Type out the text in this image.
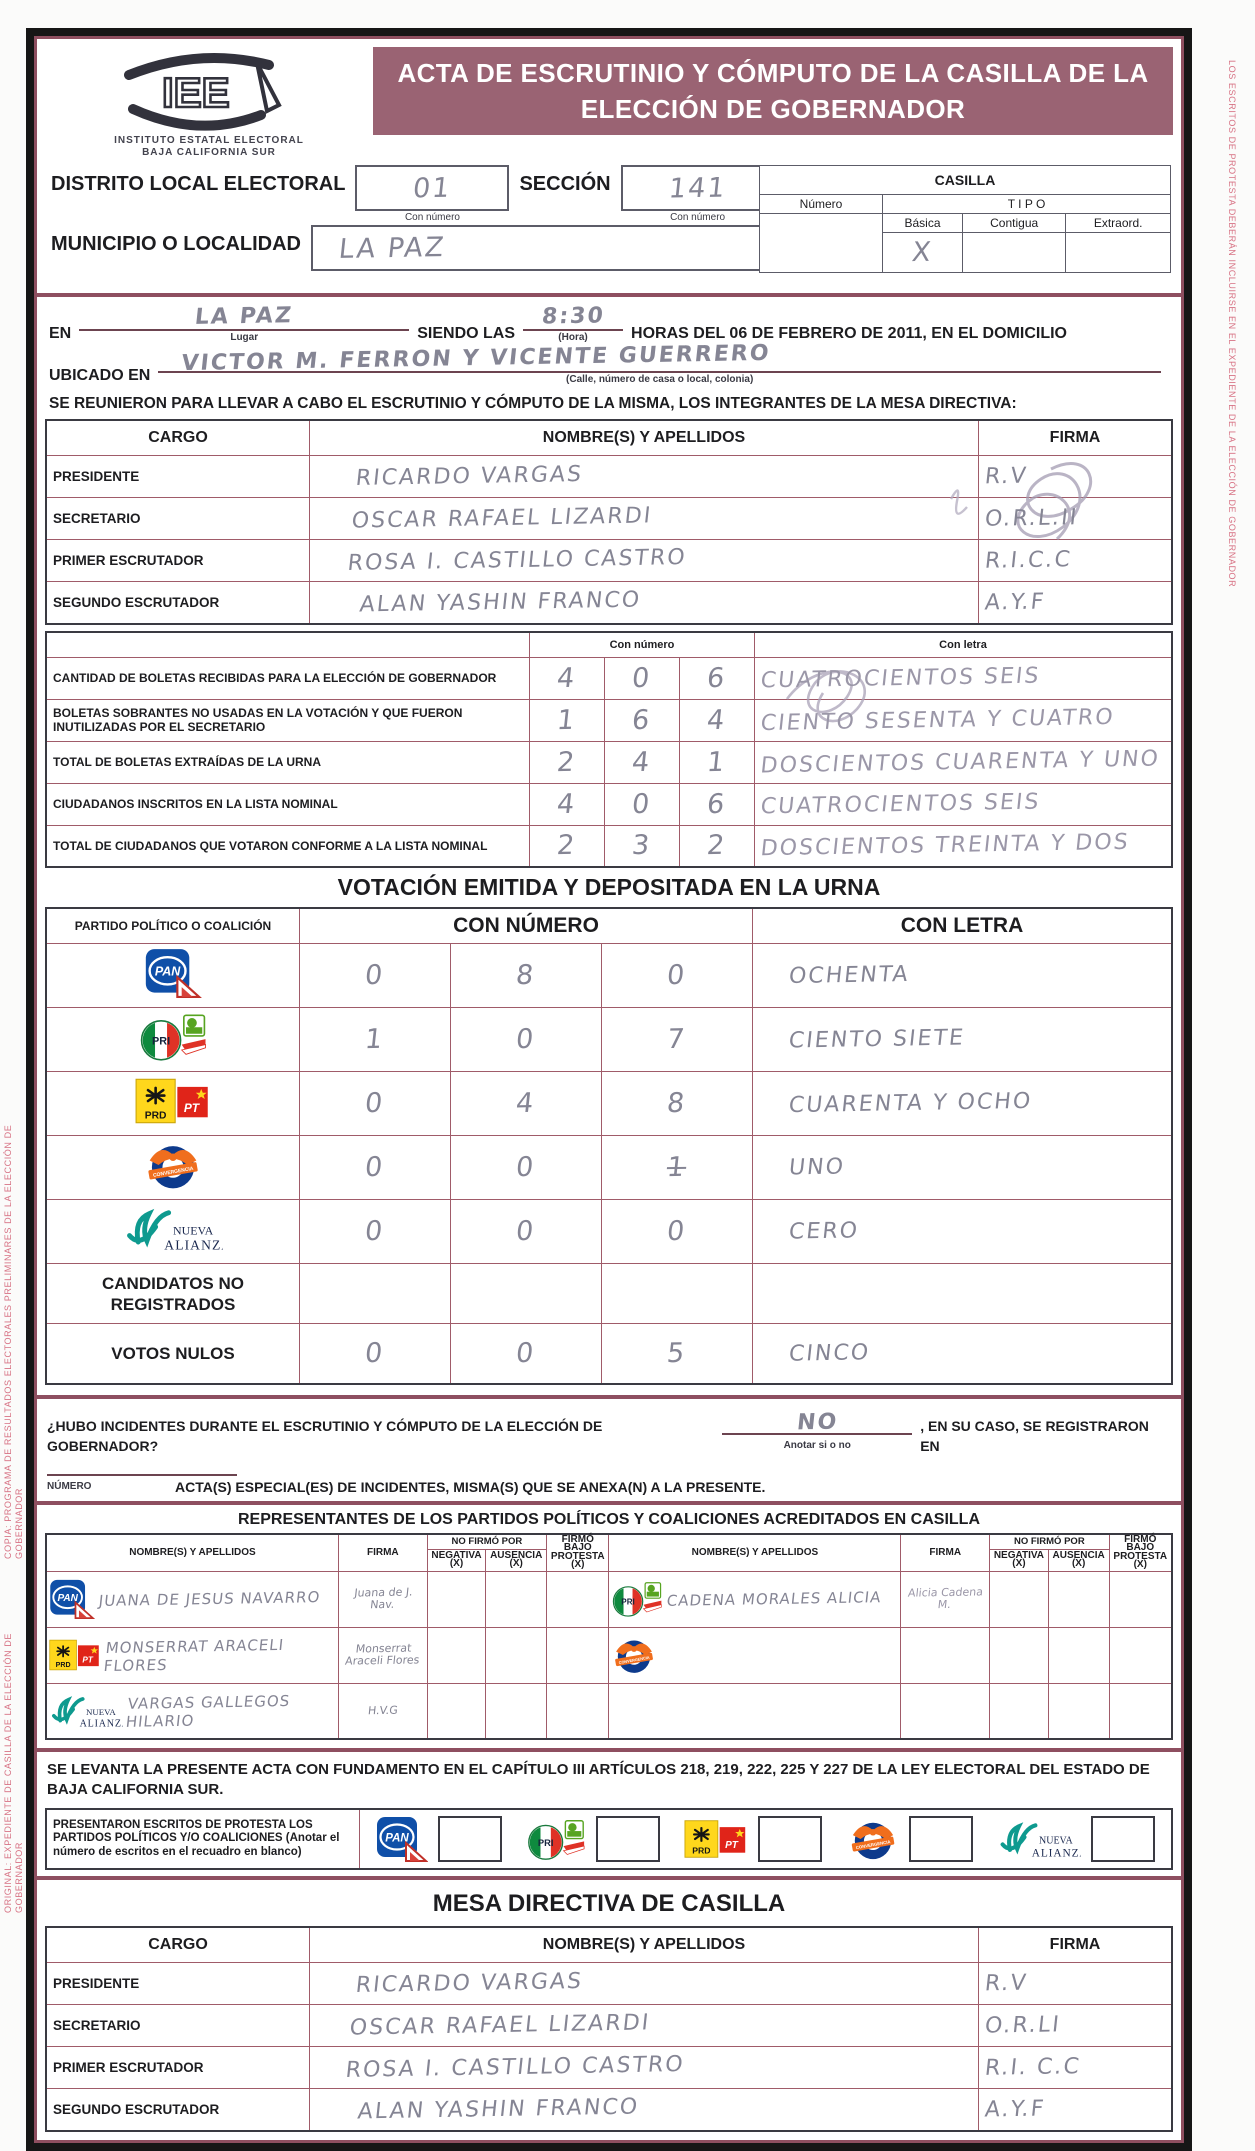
LOS ESCRITOS DE PROTESTA DEBERÁN INCLUIRSE EN EL EXPEDIENTE DE LA ELECCIÓN DE GOBERNADOR
ORIGINAL: EXPEDIENTE DE CASILLA DE LA ELECCIÓN DE GOBERNADOR
COPIA: PROGRAMA DE RESULTADOS ELECTORALES PRELIMINARES DE LA ELECCIÓN DE GOBERNADOR
IEE
INSTITUTO ESTATAL ELECTORAL
BAJA CALIFORNIA SUR
ACTA DE ESCRUTINIO Y CÓMPUTO DE LA CASILLA DE LA
ELECCIÓN DE GOBERNADOR
CASILLA			
Número	T I P O		
	Básica	Contigua	Extraord.
	X		
DISTRITO LOCAL ELECTORAL 01
Con número
SECCIÓN 141
Con número
MUNICIPIO O LOCALIDAD LA PAZ
EN
LA PAZ
Lugar	SIENDO LAS
8:30
(Hora)	HORAS DEL 06 DE FEBRERO DE 2011, EN EL DOMICILIO
UBICADO EN VICTOR M. FERRON Y VICENTE GUERRERO
(Calle, número de casa o local, colonia)
SE REUNIERON PARA LLEVAR A CABO EL ESCRUTINIO Y CÓMPUTO DE LA MISMA, LOS INTEGRANTES DE LA MESA DIRECTIVA:
CARGO	NOMBRE(S) Y APELLIDOS	FIRMA
PRESIDENTE	RICARDO VARGAS	R.V
SECRETARIO	OSCAR RAFAEL LIZARDI	O.R.L.II
PRIMER ESCRUTADOR	ROSA I. CASTILLO CASTRO	R.I.C.C
SEGUNDO ESCRUTADOR	ALAN YASHIN FRANCO	A.Y.F
	Con número			Con letra
CANTIDAD DE BOLETAS RECIBIDAS PARA LA ELECCIÓN DE GOBERNADOR	4	0	6	CUATROCIENTOS SEIS
BOLETAS SOBRANTES NO USADAS EN LA VOTACIÓN Y QUE FUERON INUTILIZADAS POR EL SECRETARIO	1	6	4	CIENTO SESENTA Y CUATRO
TOTAL DE BOLETAS EXTRAÍDAS DE LA URNA	2	4	1	DOSCIENTOS CUARENTA Y UNO
CIUDADANOS INSCRITOS EN LA LISTA NOMINAL	4	0	6	CUATROCIENTOS SEIS
TOTAL DE CIUDADANOS QUE VOTARON CONFORME A LA LISTA NOMINAL	2	3	2	DOSCIENTOS TREINTA Y DOS
VOTACIÓN EMITIDA Y DEPOSITADA EN LA URNA
PARTIDO POLÍTICO O COALICIÓN	CON NÚMERO			CON LETRA
	0	8	0	OCHENTA
	1	0	7	CIENTO SIETE
	0	4	8	CUARENTA Y OCHO
	0	0	1	UNO
	0	0	0	CERO
CANDIDATOS NO REGISTRADOS				
VOTOS NULOS	0	0	5	CINCO
¿HUBO INCIDENTES DURANTE EL ESCRUTINIO Y CÓMPUTO DE LA ELECCIÓN DE GOBERNADOR?
NO
Anotar si o no
, EN SU CASO, SE REGISTRARON EN
NÚMERO	ACTA(S) ESPECIAL(ES) DE INCIDENTES, MISMA(S) QUE SE ANEXA(N) A LA PRESENTE.
REPRESENTANTES DE LOS PARTIDOS POLÍTICOS Y COALICIONES ACREDITADOS EN CASILLA
NOMBRE(S) Y APELLIDOS	FIRMA	NO FIRMÓ POR		FIRMÓ BAJO PROTESTA (X)	NOMBRE(S) Y APELLIDOS	FIRMA	NO FIRMÓ POR		FIRMÓ BAJO PROTESTA (X)
		NEGATIVA (X)	AUSENCIA (X)				NEGATIVA (X)	AUSENCIA (X)	

JUANA DE JESUS NAVARRO	Juana de J. Nav.				CADENA MORALES ALICIA	Alicia Cadena M.			

MONSERRAT ARACELI FLORES	Monserrat Araceli Flores				

VARGAS GALLEGOS HILARIO	H.V.G								
SE LEVANTA LA PRESENTE ACTA CON FUNDAMENTO EN EL CAPÍTULO III ARTÍCULOS 218, 219, 222, 225 Y 227 DE LA LEY ELECTORAL DEL ESTADO DE BAJA CALIFORNIA SUR.
PRESENTARON ESCRITOS DE PROTESTA LOS PARTIDOS POLÍTICOS Y/O COALICIONES (Anotar el número de escritos en el recuadro en blanco)
MESA DIRECTIVA DE CASILLA
CARGO	NOMBRE(S) Y APELLIDOS	FIRMA
PRESIDENTE	RICARDO VARGAS	R.V
SECRETARIO	OSCAR RAFAEL LIZARDI	O.R.LI
PRIMER ESCRUTADOR	ROSA I. CASTILLO CASTRO	R.I. C.C
SEGUNDO ESCRUTADOR	ALAN YASHIN FRANCO	A.Y.F
